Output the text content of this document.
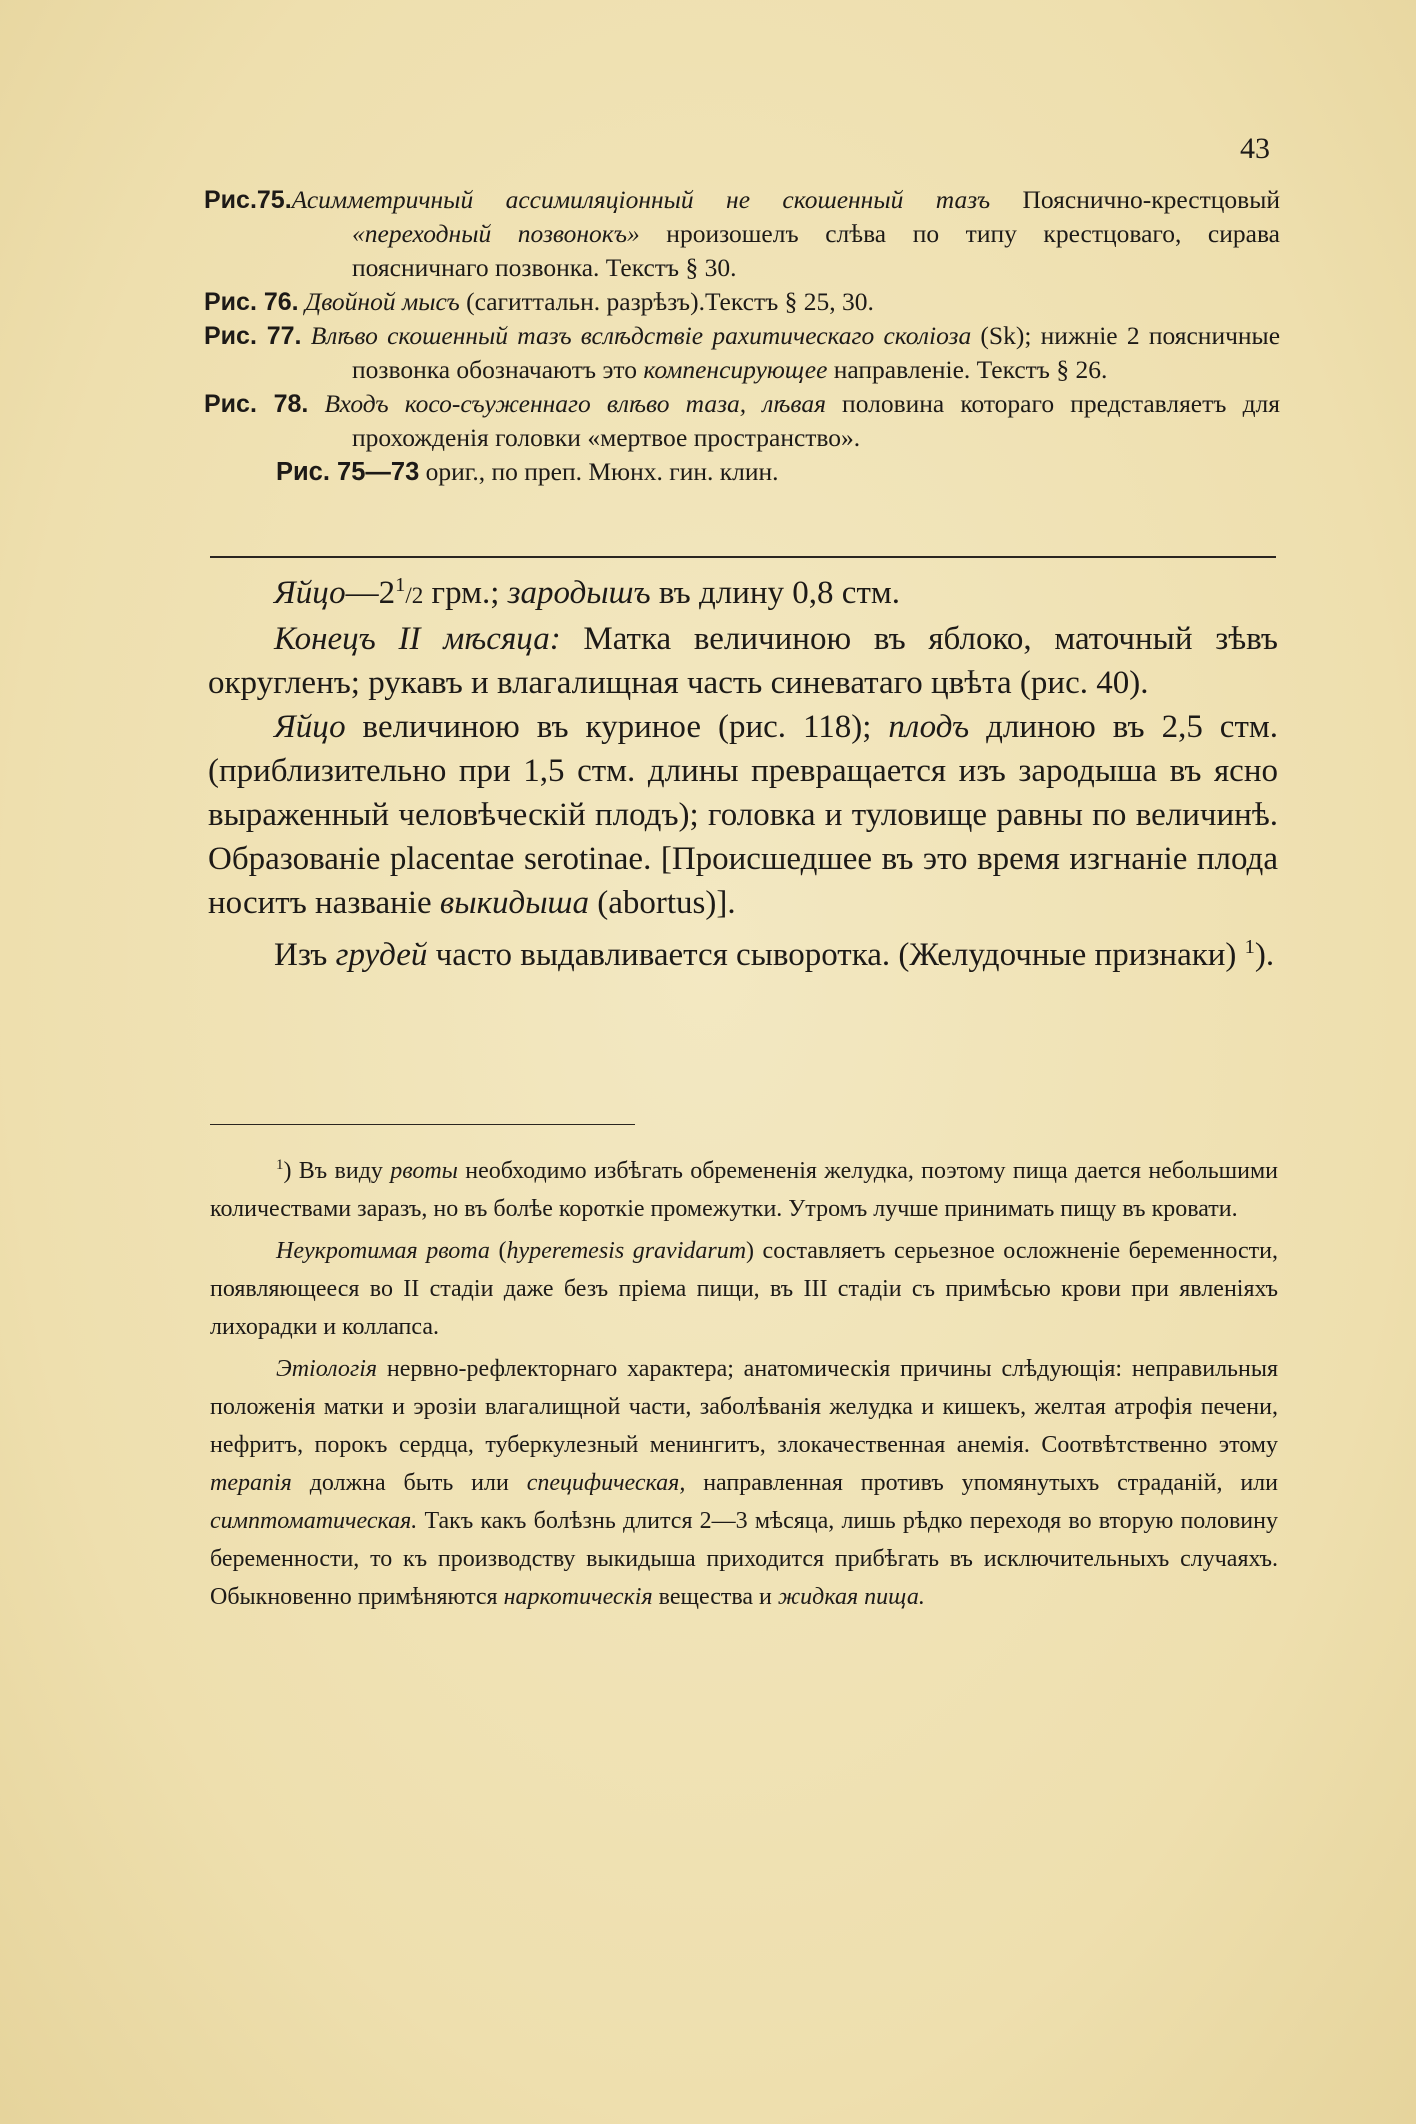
43

Рис.75.Асимметричный ассимиляціонный не скошенный тазъ Пояснично-крестцовый «переходный позвонокъ» нроизошелъ слѣва по типу крестцоваго, сирава поясничнаго позвонка. Текстъ § 30.

Рис. 76. Двойной мысъ (сагиттальн. разрѣзъ).Текстъ § 25, 30.

Рис. 77. Влѣво скошенный тазъ вслѣдствіе рахитическаго сколіоза (Sk); нижніе 2 поясничные позвонка обозначаютъ это компенсирующее направленіе. Текстъ § 26.

Рис. 78. Входъ косо-съуженнаго влѣво таза, лѣвая половина котораго представляетъ для прохожденія головки «мертвое пространство».

Рис. 75—73 ориг., по преп. Мюнх. гин. клин.

$Яйцо—2^1/2$ грм.; зародышъ въ длину 0,8 стм.

Конецъ II мѣсяца: Матка величиною въ яблоко, маточный зѣвъ округленъ; рукавъ и влагалищная часть синеватаго цвѣта (рис. 40).

Яйцо величиною въ куриное (рис. 118); плодъ длиною въ 2,5 стм. (приблизительно при 1,5 стм. длины превращается изъ зародыша въ ясно выраженный человѣческій плодъ); головка и туловище равны по величинѣ. Образованіе placentae serotinae. [Происшедшее въ это время изгнаніе плода носитъ названіе выкидыша (abortus)].

Изъ грудей часто выдавливается сыворотка. (Желудочные признаки) $^1$).

$^1$) Въ виду рвоты необходимо избѣгать обремененія желудка, поэтому пища дается небольшими количествами заразъ, но въ болѣе короткіе промежутки. Утромъ лучше принимать пищу въ кровати.

Неукротимая рвота (hyperemesis gravidarum) составляетъ серьезное осложненіе беременности, появляющееся во II стадіи даже безъ пріема пищи, въ III стадіи съ примѣсью крови при явленіяхъ лихорадки и коллапса.

Этіологія нервно-рефлекторнаго характера; анатомическія причины слѣдующія: неправильныя положенія матки и эрозіи влагалищной части, заболѣванія желудка и кишекъ, желтая атрофія печени, нефритъ, порокъ сердца, туберкулезный менингитъ, злокачественная анемія. Соотвѣтственно этому терапія должна быть или специфическая, направленная противъ упомянутыхъ страданій, или симптоматическая. Такъ какъ болѣзнь длится 2—3 мѣсяца, лишь рѣдко переходя во вторую половину беременности, то къ производству выкидыша приходится прибѣгать въ исключительныхъ случаяхъ. Обыкновенно примѣняются наркотическія вещества и жидкая пища.
